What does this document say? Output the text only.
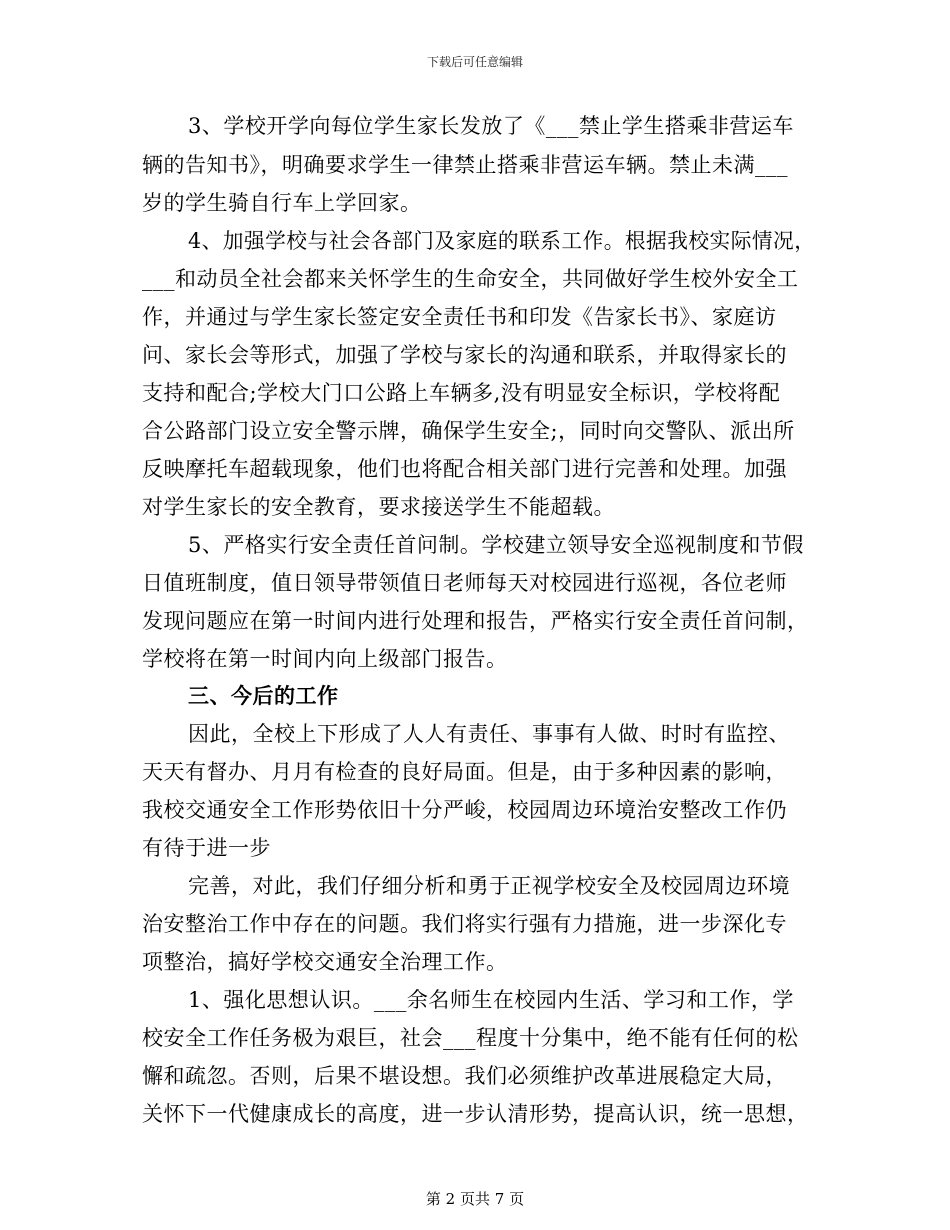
下载后可任意编辑
3、学校开学向每位学生家长发放了《___禁止学生搭乘非营运车
辆的告知书》，明确要求学生一律禁止搭乘非营运车辆。禁止未满___
岁的学生骑自行车上学回家。
4、加强学校与社会各部门及家庭的联系工作。根据我校实际情况，
___和动员全社会都来关怀学生的生命安全，共同做好学生校外安全工
作，并通过与学生家长签定安全责任书和印发《告家长书》、家庭访
问、家长会等形式，加强了学校与家长的沟通和联系，并取得家长的
支持和配合;学校大门口公路上车辆多,没有明显安全标识，学校将配
合公路部门设立安全警示牌，确保学生安全;，同时向交警队、派出所
反映摩托车超载现象，他们也将配合相关部门进行完善和处理。加强
对学生家长的安全教育，要求接送学生不能超载。
5、严格实行安全责任首问制。学校建立领导安全巡视制度和节假
日值班制度，值日领导带领值日老师每天对校园进行巡视，各位老师
发现问题应在第一时间内进行处理和报告，严格实行安全责任首问制，
学校将在第一时间内向上级部门报告。
三、今后的工作
因此，全校上下形成了人人有责任、事事有人做、时时有监控、
天天有督办、月月有检查的良好局面。但是，由于多种因素的影响，
我校交通安全工作形势依旧十分严峻，校园周边环境治安整改工作仍
有待于进一步
完善，对此，我们仔细分析和勇于正视学校安全及校园周边环境
治安整治工作中存在的问题。我们将实行强有力措施，进一步深化专
项整治，搞好学校交通安全治理工作。
1、强化思想认识。___余名师生在校园内生活、学习和工作，学
校安全工作任务极为艰巨，社会___程度十分集中，绝不能有任何的松
懈和疏忽。否则，后果不堪设想。我们必须维护改革进展稳定大局，
关怀下一代健康成长的高度，进一步认清形势，提高认识，统一思想，
第 2 页共 7 页
